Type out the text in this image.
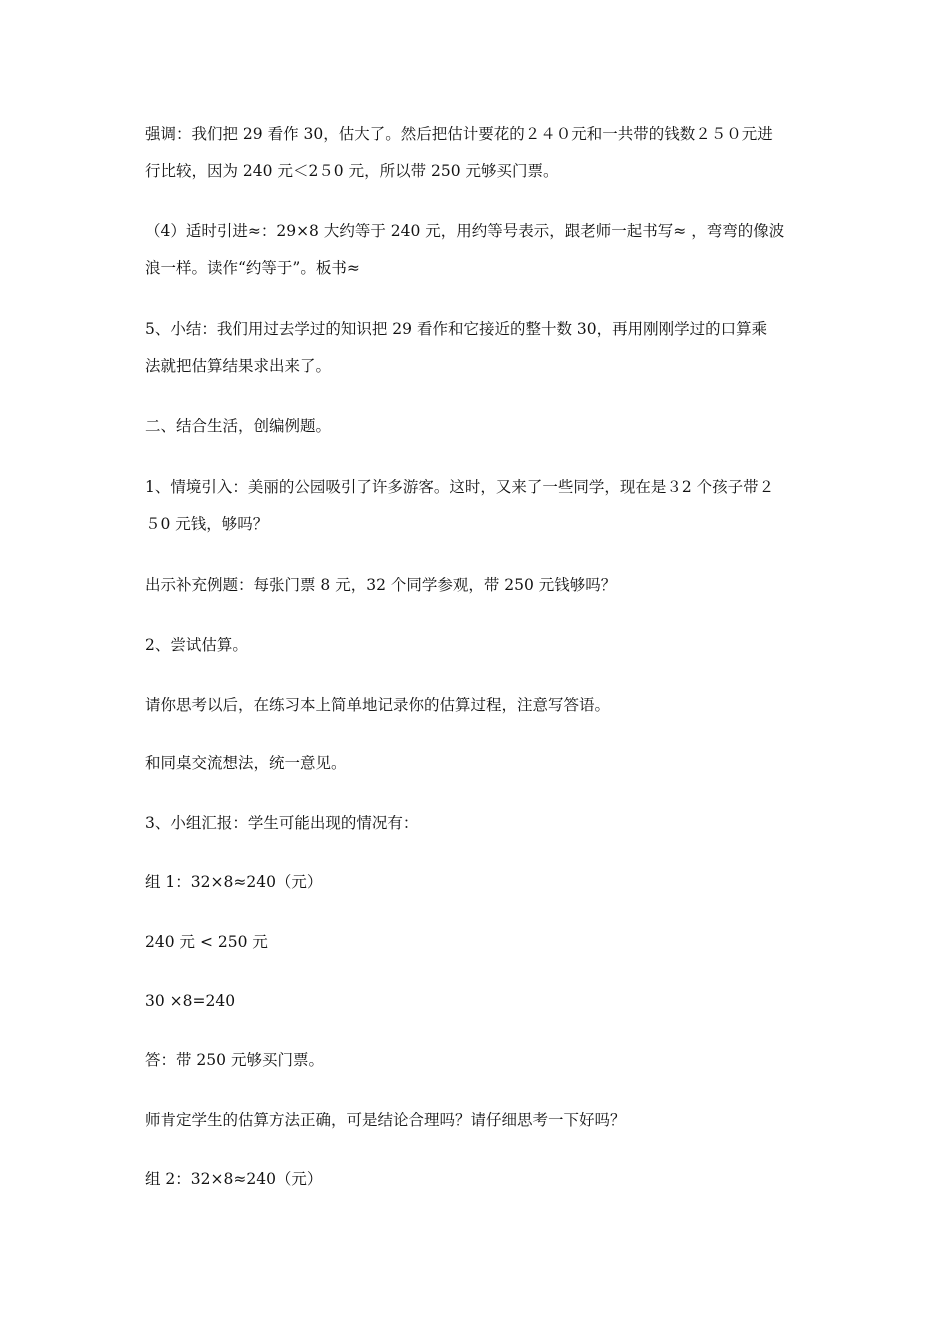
强调：我们把 29 看作 30，估大了。然后把估计要花的２４０元和一共带的钱数２５０元进
行比较，因为 240 元＜2５0 元，所以带 250 元够买门票。

（4）适时引进≈：29×8 大约等于 240 元，用约等号表示，跟老师一起书写≈ ，弯弯的像波
浪一样。读作“约等于”。板书≈

5、小结：我们用过去学过的知识把 29 看作和它接近的整十数 30，再用刚刚学过的口算乘
法就把估算结果求出来了。

二、结合生活，创编例题。

1、情境引入：美丽的公园吸引了许多游客。这时，又来了一些同学，现在是３2 个孩子带２
５0 元钱，够吗？

出示补充例题：每张门票 8 元，32 个同学参观，带 250 元钱够吗？

2、尝试估算。

请你思考以后，在练习本上简单地记录你的估算过程，注意写答语。

和同桌交流想法，统一意见。

3、小组汇报：学生可能出现的情况有：

组 1：32×8≈240（元）

240 元 < 250 元

30 ×8=240

答：带 250 元够买门票。

师肯定学生的估算方法正确，可是结论合理吗？请仔细思考一下好吗？

组 2：32×8≈240（元）
